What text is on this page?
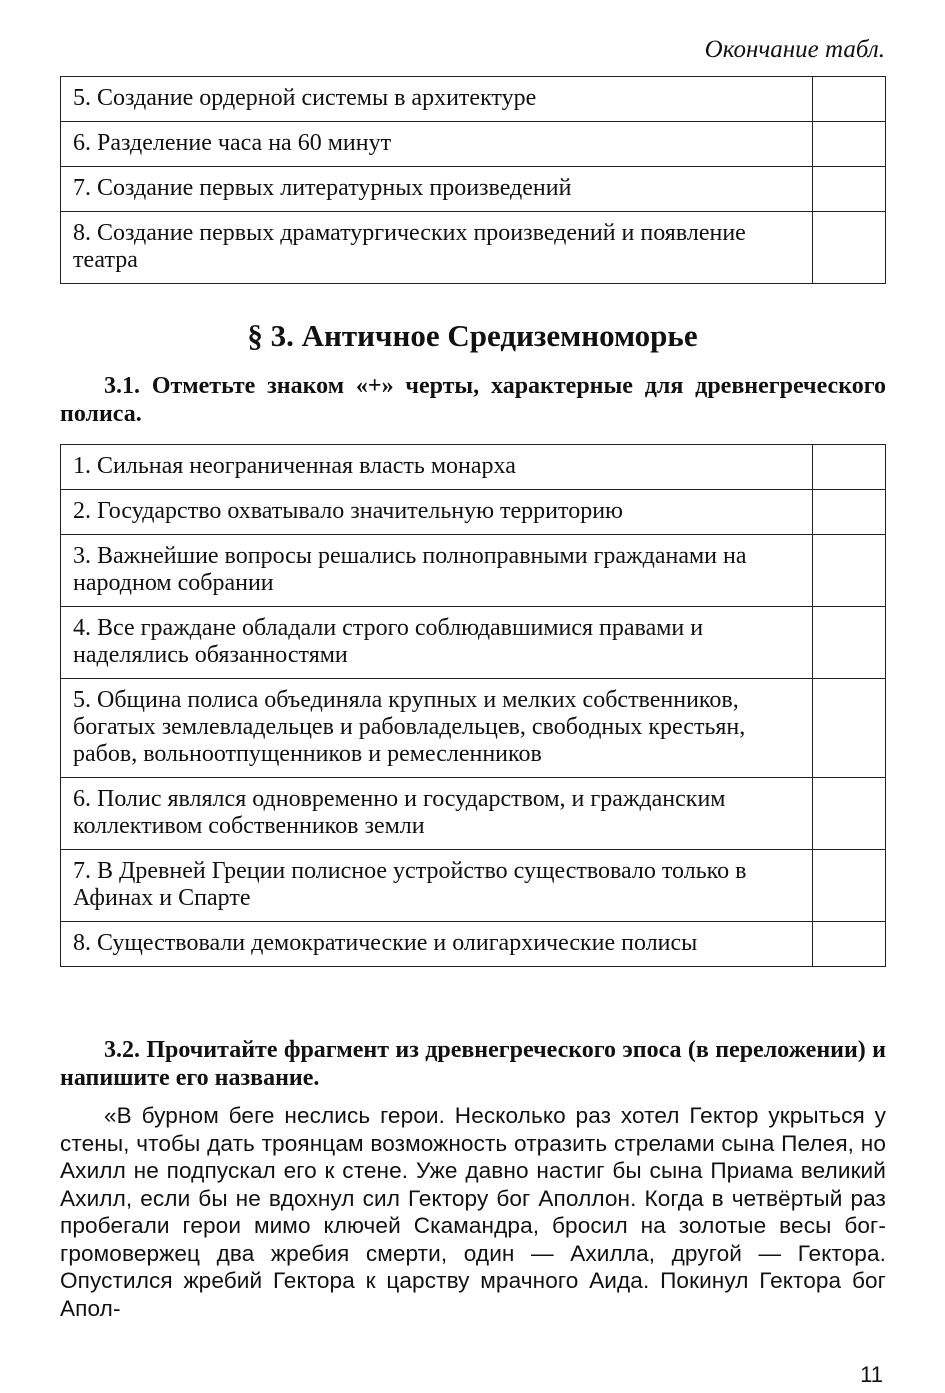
Окончание табл.
5. Создание ордерной системы в архитектуре	
6. Разделение часа на 60 минут	
7. Создание первых литературных произведений	
8. Создание первых драматургических произведений и появление театра	
§ 3. Античное Средиземноморье
3.1. Отметьте знаком «+» черты, характерные для древнегреческого полиса.
1. Сильная неограниченная власть монарха	
2. Государство охватывало значительную территорию	
3. Важнейшие вопросы решались полноправными гражданами на народном собрании	
4. Все граждане обладали строго соблюдавшимися правами и наделялись обязанностями	
5. Община полиса объединяла крупных и мелких собственников, богатых землевладельцев и рабовладельцев, свободных крестьян, рабов, вольноотпущенников и ремесленников	
6. Полис являлся одновременно и государством, и гражданским коллективом собственников земли	
7. В Древней Греции полисное устройство существовало только в Афинах и Спарте	
8. Существовали демократические и олигархические полисы	
3.2. Прочитайте фрагмент из древнегреческого эпоса (в переложении) и напишите его название.
«В бурном беге неслись герои. Несколько раз хотел Гектор укрыться у стены, чтобы дать троянцам возможность отразить стрелами сына Пелея, но Ахилл не подпускал его к стене. Уже давно настиг бы сына Приама великий Ахилл, если бы не вдохнул сил Гектору бог Аполлон. Когда в четвёртый раз пробегали герои мимо ключей Скамандра, бросил на золотые весы бог-громовержец два жребия смерти, один — Ахилла, другой — Гектора. Опустился жребий Гектора к царству мрачного Аида. Покинул Гектора бог Апол-
11
